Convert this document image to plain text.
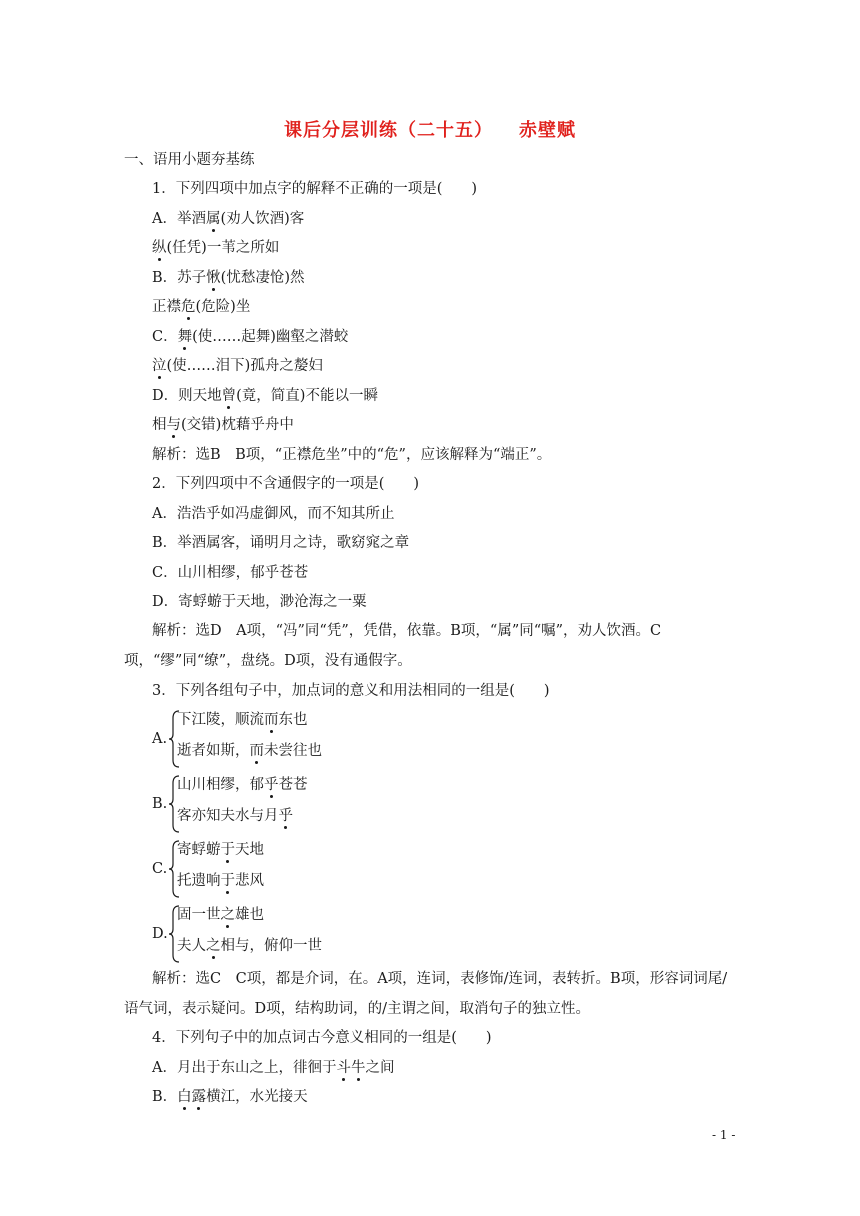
课后分层训练（二十五） 赤壁赋
一、语用小题夯基练
1．下列四项中加点字的解释不正确的一项是(　　)
A．举酒属(劝人饮酒)客
纵(任凭)一苇之所如
B．苏子愀(忧愁凄怆)然
正襟危(危险)坐
C．舞(使……起舞)幽壑之潜蛟
泣(使……泪下)孤舟之嫠妇
D．则天地曾(竟，简直)不能以一瞬
相与(交错)枕藉乎舟中
解析：选B　B项，“正襟危坐”中的“危”，应该解释为“端正”。
2．下列四项中不含通假字的一项是(　　)
A．浩浩乎如冯虚御风，而不知其所止
B．举酒属客，诵明月之诗，歌窈窕之章
C．山川相缪，郁乎苍苍
D．寄蜉蝣于天地，渺沧海之一粟
解析：选D　A项，“冯”同“凭”，凭借，依靠。B项，“属”同“嘱”，劝人饮酒。C项，“缪”同“缭”，盘绕。D项，没有通假字。
3．下列各组句子中，加点词的意义和用法相同的一组是(　　)
A.
下江陵，顺流而东也
逝者如斯，而未尝往也
B.
山川相缪，郁乎苍苍
客亦知夫水与月乎
C.
寄蜉蝣于天地
托遗响于悲风
D.
固一世之雄也
夫人之相与，俯仰一世
解析：选C　C项，都是介词，在。A项，连词，表修饰/连词，表转折。B项，形容词词尾/语气词，表示疑问。D项，结构助词，的/主谓之间，取消句子的独立性。
4．下列句子中的加点词古今意义相同的一组是(　　)
A．月出于东山之上，徘徊于斗牛之间
B．白露横江，水光接天
- 1 -
